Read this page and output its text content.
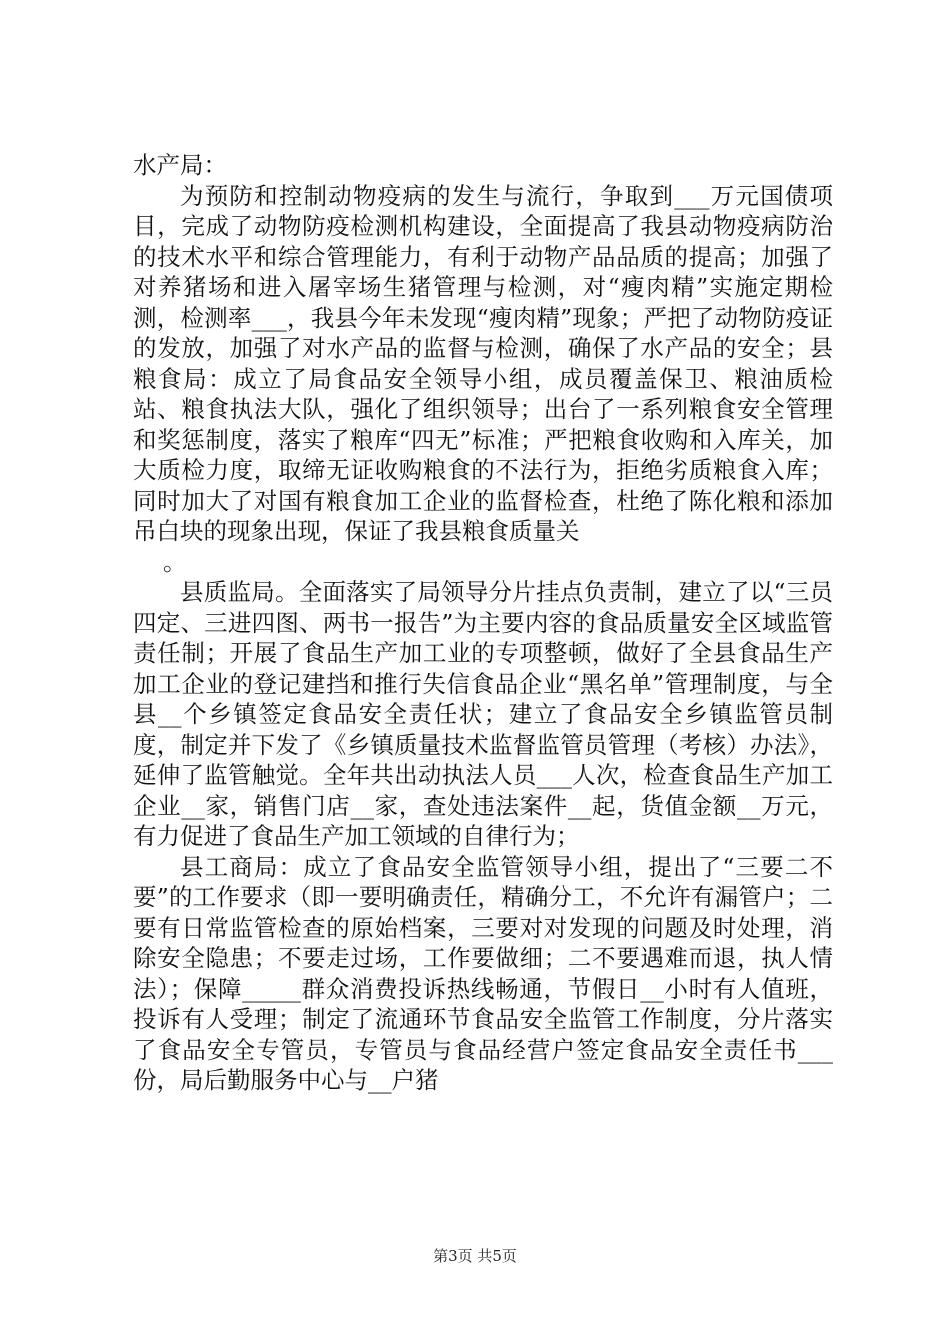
水产局：

为预防和控制动物疫病的发生与流行，争取到___万元国债项目，完成了动物防疫检测机构建设，全面提高了我县动物疫病防治的技术水平和综合管理能力，有利于动物产品品质的提高；加强了对养猪场和进入屠宰场生猪管理与检测，对“瘦肉精”实施定期检测，检测率___，我县今年未发现“瘦肉精”现象；严把了动物防疫证的发放，加强了对水产品的监督与检测，确保了水产品的安全；县粮食局：成立了局食品安全领导小组，成员覆盖保卫、粮油质检站、粮食执法大队，强化了组织领导；出台了一系列粮食安全管理和奖惩制度，落实了粮库“四无”标准；严把粮食收购和入库关，加大质检力度，取缔无证收购粮食的不法行为，拒绝劣质粮食入库；同时加大了对国有粮食加工企业的监督检查，杜绝了陈化粮和添加吊白块的现象出现，保证了我县粮食质量关

。

县质监局。全面落实了局领导分片挂点负责制，建立了以“三员四定、三进四图、两书一报告”为主要内容的食品质量安全区域监管责任制；开展了食品生产加工业的专项整顿，做好了全县食品生产加工企业的登记建挡和推行失信食品企业“黑名单”管理制度，与全县__个乡镇签定食品安全责任状；建立了食品安全乡镇监管员制度，制定并下发了《乡镇质量技术监督监管员管理（考核）办法》，延伸了监管触觉。全年共出动执法人员___人次，检查食品生产加工企业__家，销售门店__家，查处违法案件__起，货值金额__万元，有力促进了食品生产加工领域的自律行为；

县工商局：成立了食品安全监管领导小组，提出了“三要二不要”的工作要求（即一要明确责任，精确分工，不允许有漏管户；二要有日常监管检查的原始档案，三要对对发现的问题及时处理，消除安全隐患；不要走过场，工作要做细；二不要遇难而退，执人情法）；保障_____群众消费投诉热线畅通，节假日__小时有人值班，投诉有人受理；制定了流通环节食品安全监管工作制度，分片落实了食品安全专管员，专管员与食品经营户签定食品安全责任书___份，局后勤服务中心与__户猪

第3页 共5页
